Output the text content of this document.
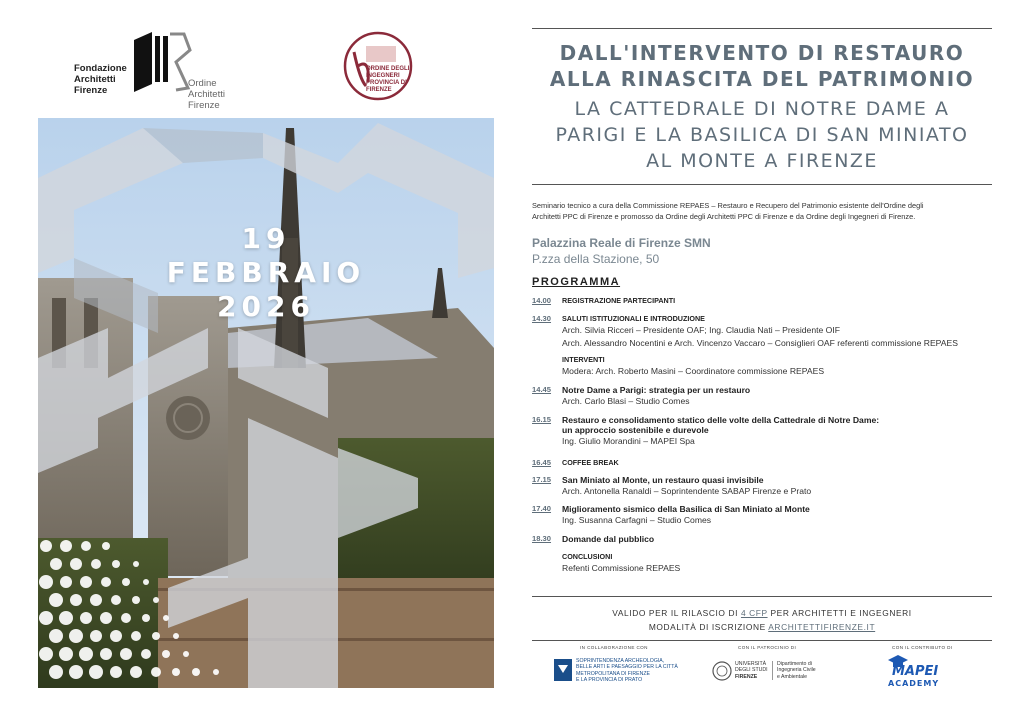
Fondazione
Architetti
Firenze
Ordine
Architetti
Firenze
ORDINE DEGLI
INGEGNERI
PROVINCIA DI
FIRENZE
19
FEBBRAIO
2026
DALL'INTERVENTO DI RESTAURO
ALLA RINASCITA DEL PATRIMONIO
LA CATTEDRALE DI NOTRE DAME A
PARIGI E LA BASILICA DI SAN MINIATO
AL MONTE A FIRENZE
Seminario tecnico a cura della Commissione REPAES – Restauro e Recupero del Patrimonio esistente dell'Ordine degli
Architetti PPC di Firenze e promosso da Ordine degli Architetti PPC di Firenze e da Ordine degli Ingegneri di Firenze.
Palazzina Reale di Firenze SMN
P.zza della Stazione, 50
PROGRAMMA
14.00 REGISTRAZIONE PARTECIPANTI
14.30 SALUTI ISTITUZIONALI E INTRODUZIONE
Arch. Silvia Ricceri – Presidente OAF; Ing. Claudia Nati – Presidente OIF
Arch. Alessandro Nocentini e Arch. Vincenzo Vaccaro – Consiglieri OAF referenti commissione REPAES
INTERVENTI
Modera: Arch. Roberto Masini – Coordinatore commissione REPAES
14.45 Notre Dame a Parigi: strategia per un restauro
Arch. Carlo Blasi – Studio Comes
16.15 Restauro e consolidamento statico delle volte della Cattedrale di Notre Dame:
un approccio sostenibile e durevole
Ing. Giulio Morandini – MAPEI Spa
16.45 COFFEE BREAK
17.15 San Miniato al Monte, un restauro quasi invisibile
Arch. Antonella Ranaldi – Soprintendente SABAP Firenze e Prato
17.40 Miglioramento sismico della Basilica di San Miniato al Monte
Ing. Susanna Carfagni – Studio Comes
18.30 Domande dal pubblico
CONCLUSIONI
Refenti Commissione REPAES
VALIDO PER IL RILASCIO DI 4 CFP PER ARCHITETTI E INGEGNERI
MODALITÀ DI ISCRIZIONE ARCHITETTIFIRENZE.IT
IN COLLABORAZIONE CON
SOPRINTENDENZA ARCHEOLOGIA,
BELLE ARTI E PAESAGGIO PER LA CITTÀ
METROPOLITANA DI FIRENZE
E LA PROVINCIA DI PRATO
CON IL PATROCINIO DI
UNIVERSITÀ
DEGLI STUDI
FIRENZE
Dipartimento di
Ingegneria Civile
e Ambientale
CON IL CONTRIBUTO DI
MAPEI
ACADEMY
